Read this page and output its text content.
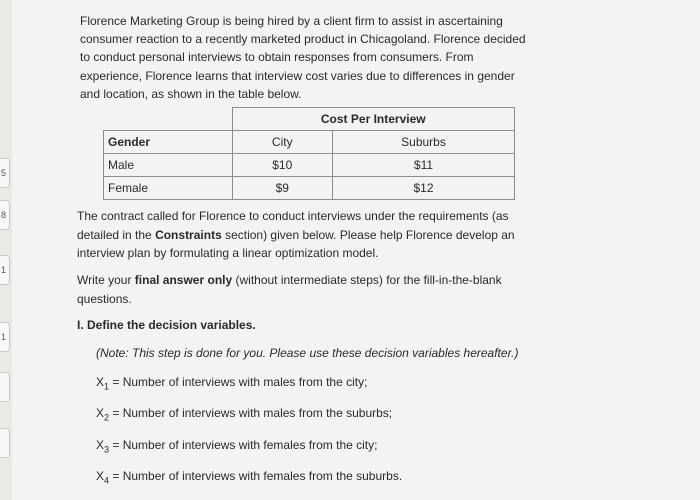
5
8
1
1
Florence Marketing Group is being hired by a client firm to assist in ascertaining consumer reaction to a recently marketed product in Chicagoland. Florence decided to conduct personal interviews to obtain responses from consumers. From experience, Florence learns that interview cost varies due to differences in gender and location, as shown in the table below.
	Cost Per Interview	
Gender	City	Suburbs
Male	$10	$11
Female	$9	$12
The contract called for Florence to conduct interviews under the requirements (as detailed in the Constraints section) given below. Please help Florence develop an interview plan by formulating a linear optimization model.
Write your final answer only (without intermediate steps) for the fill-in-the-blank questions.
I. Define the decision variables.
(Note: This step is done for you. Please use these decision variables hereafter.)
$X_1$ = Number of interviews with males from the city;
$X_2$ = Number of interviews with males from the suburbs;
$X_3$ = Number of interviews with females from the city;
$X_4$ = Number of interviews with females from the suburbs.
